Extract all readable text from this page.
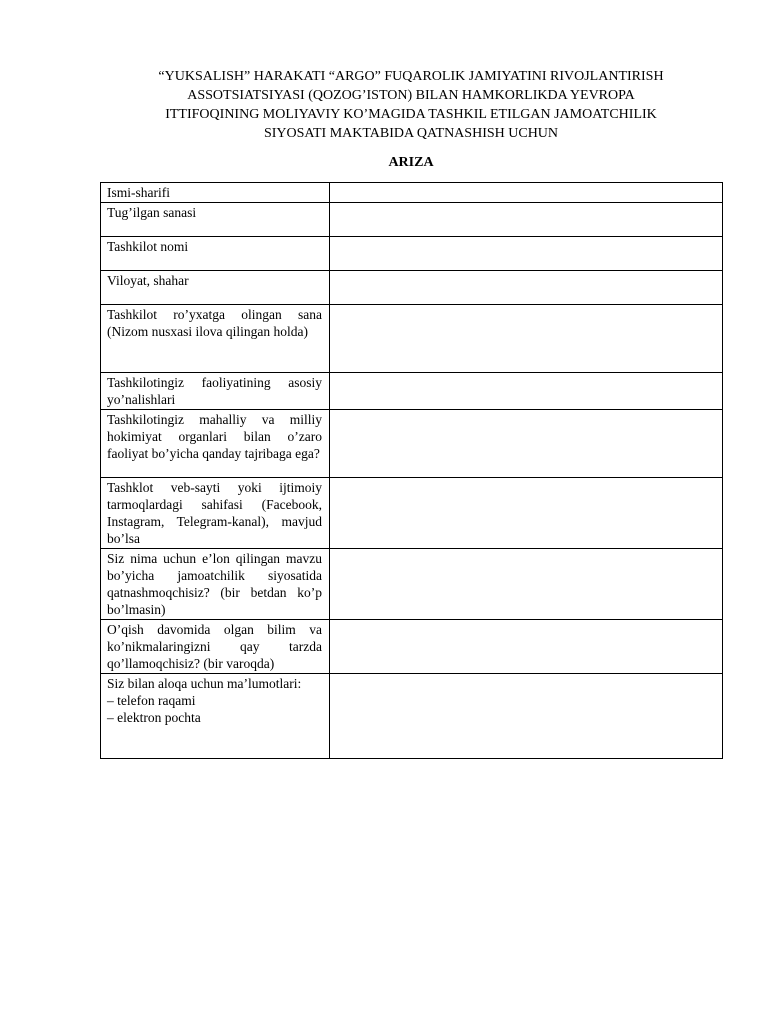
“YUKSALISH” HARAKATI “ARGO” FUQAROLIK JAMIYATINI RIVOJLANTIRISH
ASSOTSIATSIYASI (QOZOG’ISTON) BILAN HAMKORLIKDA YEVROPA
ITTIFOQINING MOLIYAVIY KO’MAGIDA TASHKIL ETILGAN JAMOATCHILIK
SIYOSATI MAKTABIDA QATNASHISH UCHUN
ARIZA
Ismi-sharifi	

Tug’ilgan sanasi	

Tashkilot nomi	

Viloyat, shahar	

Tashkilot ro’yxatga olingan sana (Nizom nusxasi ilova qilingan holda)	

Tashkilotingiz faoliyatining asosiy yo’nalishlari	

Tashkilotingiz mahalliy va milliy hokimiyat organlari bilan o’zaro faoliyat bo’yicha qanday tajribaga ega?	

Tashklot veb-sayti yoki ijtimoiy tarmoqlardagi sahifasi (Facebook, Instagram, Telegram-kanal), mavjud bo’lsa	

Siz nima uchun e’lon qilingan mavzu bo’yicha jamoatchilik siyosatida qatnashmoqchisiz? (bir betdan ko’p bo’lmasin)	

O’qish davomida olgan bilim va ko’nikmalaringizni qay tarzda qo’llamoqchisiz? (bir varoqda)	

Siz bilan aloqa uchun ma’lumotlari:
– telefon raqami
– elektron pochta	
